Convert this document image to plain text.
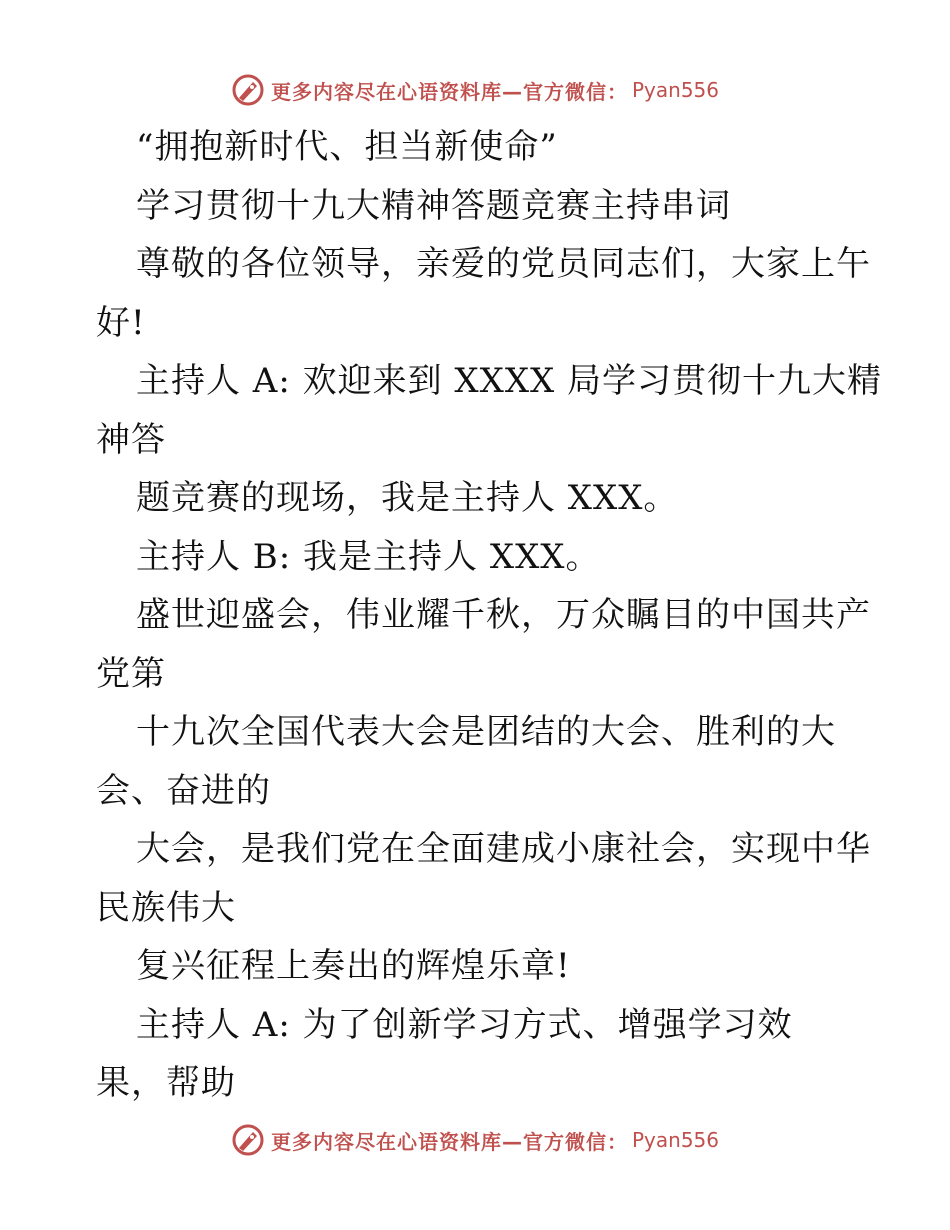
更多内容尽在心语资料库—官方微信： Pyan556
“拥抱新时代、担当新使命”
学习贯彻十九大精神答题竞赛主持串词
尊敬的各位领导，亲爱的党员同志们，大家上午
好!
主持人 A: 欢迎来到 XXXX 局学习贯彻十九大精
神答
题竞赛的现场，我是主持人 XXX。
主持人 B: 我是主持人 XXX。
盛世迎盛会，伟业耀千秋，万众瞩目的中国共产
党第
十九次全国代表大会是团结的大会、胜利的大
会、奋进的
大会，是我们党在全面建成小康社会，实现中华
民族伟大
复兴征程上奏出的辉煌乐章!
主持人 A: 为了创新学习方式、增强学习效
果，帮助
更多内容尽在心语资料库—官方微信： Pyan556
